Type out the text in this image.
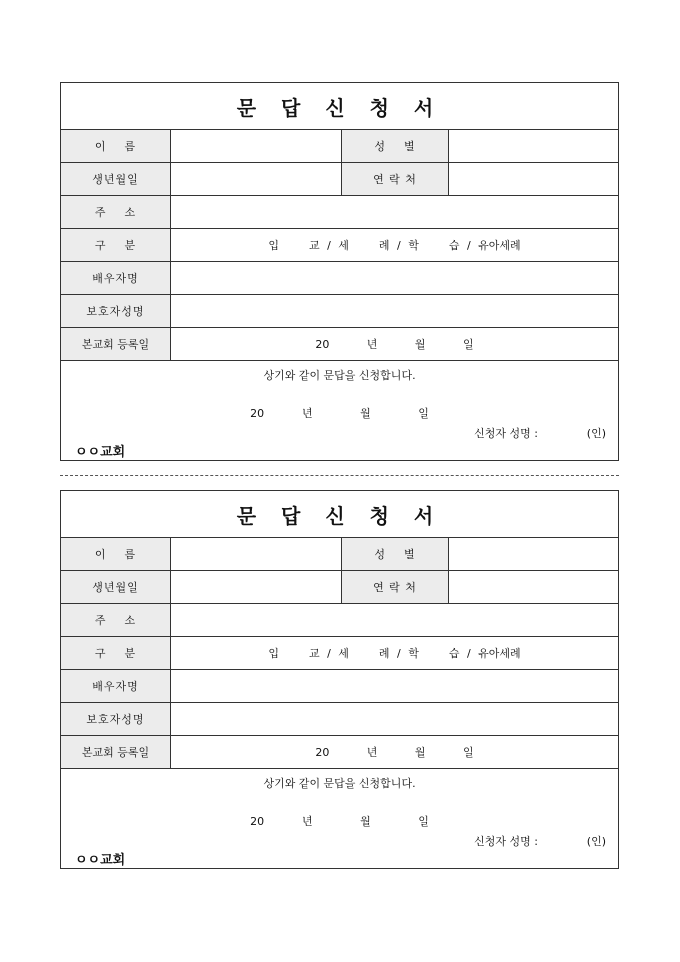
문 답 신 청 서
이    름	성    별
생년월일	연 락 처
주    소
구    분	입    교 / 세    례 / 학    습 / 유아세례
배우자명
보호자성명
본교회 등록일	20     년     월     일
상기와 같이 문답을 신청합니다.
20    년     월     일
신청자 성명 :	(인)
ㅇㅇ교회
문 답 신 청 서
이    름	성    별
생년월일	연 락 처
주    소
구    분	입    교 / 세    례 / 학    습 / 유아세례
배우자명
보호자성명
본교회 등록일	20     년     월     일
상기와 같이 문답을 신청합니다.
20    년     월     일
신청자 성명 :	(인)
ㅇㅇ교회
